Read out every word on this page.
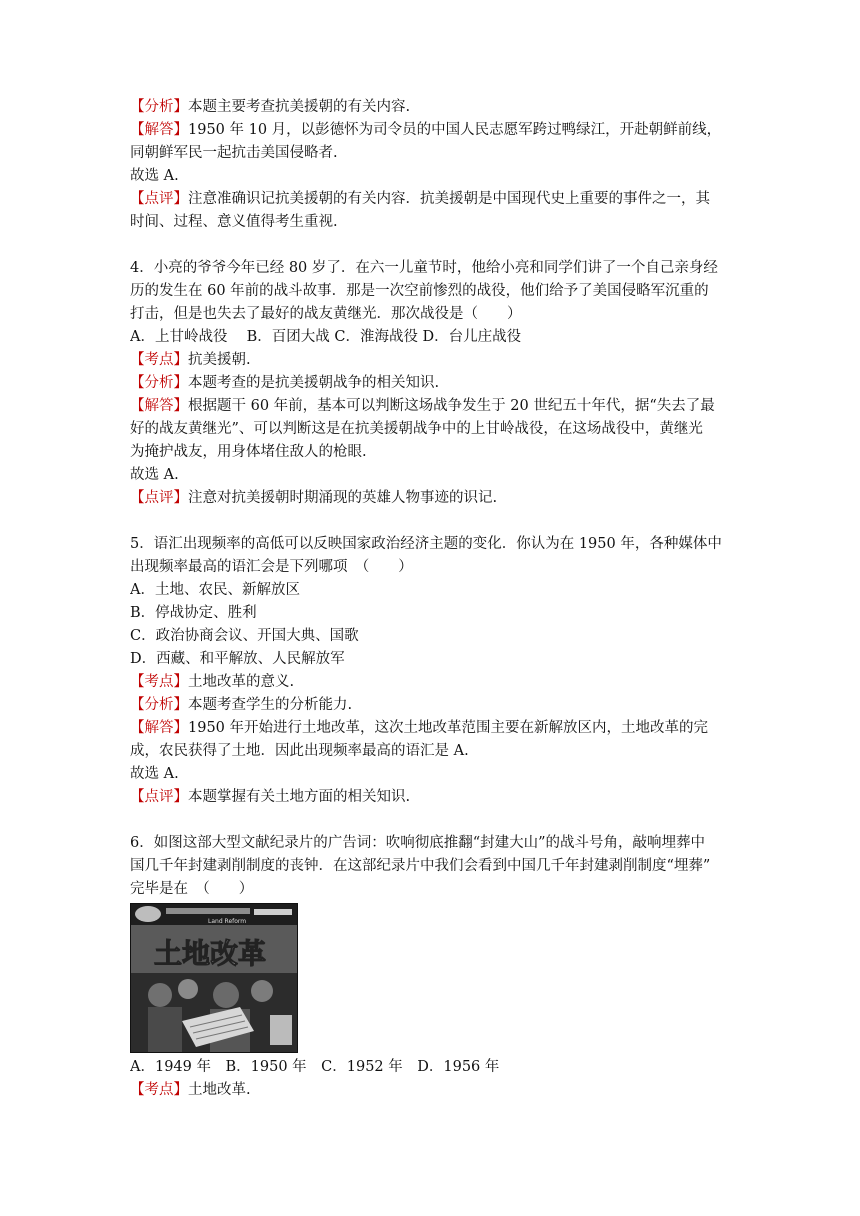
【分析】本题主要考查抗美援朝的有关内容.
【解答】1950 年 10 月，以彭德怀为司令员的中国人民志愿军跨过鸭绿江，开赴朝鲜前线，
同朝鲜军民一起抗击美国侵略者.
故选 A.
【点评】注意准确识记抗美援朝的有关内容．抗美援朝是中国现代史上重要的事件之一，其
时间、过程、意义值得考生重视.
4．小亮的爷爷今年已经 80 岁了．在六一儿童节时，他给小亮和同学们讲了一个自己亲身经
历的发生在 60 年前的战斗故事．那是一次空前惨烈的战役，他们给予了美国侵略军沉重的
打击，但是也失去了最好的战友黄继光．那次战役是（　　）
A．上甘岭战役　 B．百团大战 C．淮海战役 D．台儿庄战役
【考点】抗美援朝.
【分析】本题考查的是抗美援朝战争的相关知识.
【解答】根据题干 60 年前，基本可以判断这场战争发生于 20 世纪五十年代，据“失去了最
好的战友黄继光”、可以判断这是在抗美援朝战争中的上甘岭战役，在这场战役中，黄继光
为掩护战友，用身体堵住敌人的枪眼.
故选 A.
【点评】注意对抗美援朝时期涌现的英雄人物事迹的识记.
5．语汇出现频率的高低可以反映国家政治经济主题的变化．你认为在 1950 年，各种媒体中
出现频率最高的语汇会是下列哪项　（　　）
A．土地、农民、新解放区
B．停战协定、胜利
C．政治协商会议、开国大典、国歌
D．西藏、和平解放、人民解放军
【考点】土地改革的意义.
【分析】本题考查学生的分析能力.
【解答】1950 年开始进行土地改革，这次土地改革范围主要在新解放区内，土地改革的完
成，农民获得了土地．因此出现频率最高的语汇是 A.
故选 A.
【点评】本题掌握有关土地方面的相关知识.
6．如图这部大型文献纪录片的广告词：吹响彻底推翻“封建大山”的战斗号角，敲响埋葬中
国几千年封建剥削制度的丧钟．在这部纪录片中我们会看到中国几千年封建剥削制度“埋葬”
完毕是在　（　　）
Land Reform
土地改革
A．1949 年　B．1950 年　C．1952 年　D．1956 年
【考点】土地改革.
